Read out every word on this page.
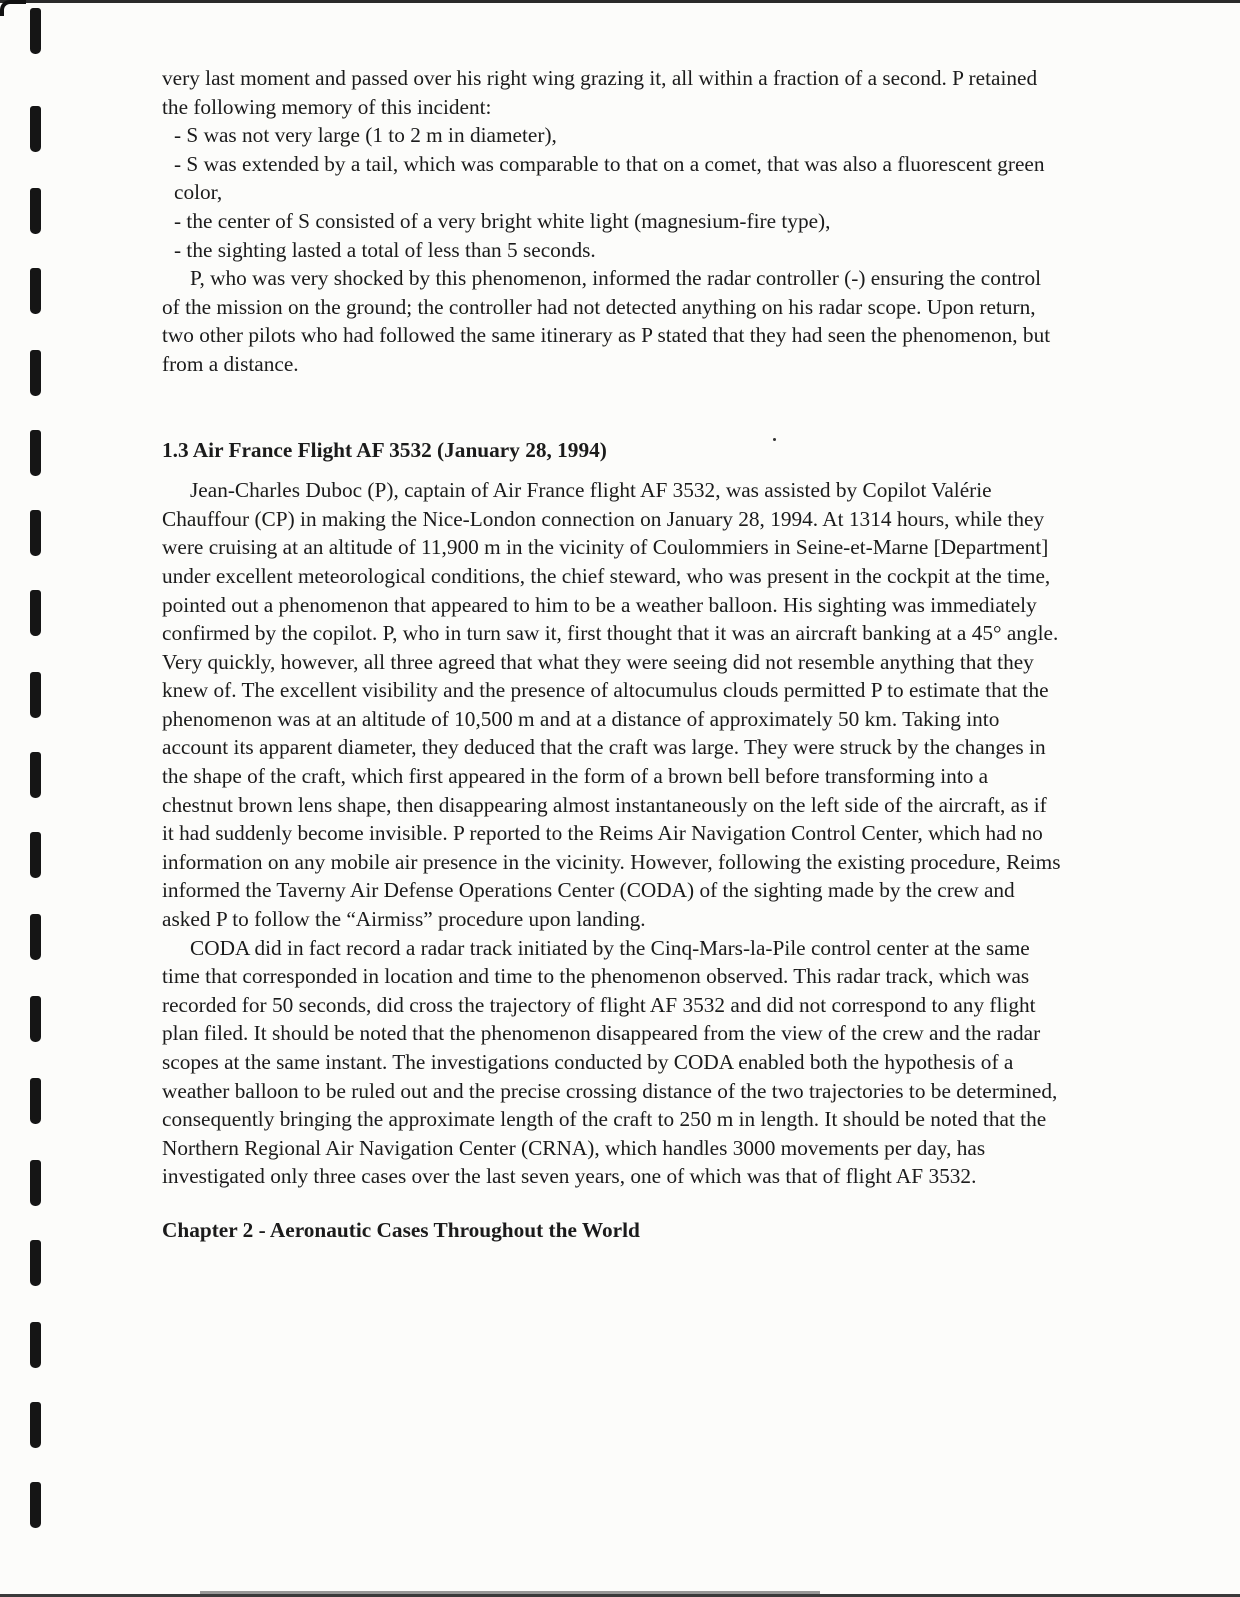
very last moment and passed over his right wing grazing it, all within a fraction of a second. P retained the following memory of this incident:

- S was not very large (1 to 2 m in diameter),

- S was extended by a tail, which was comparable to that on a comet, that was also a fluorescent green color,

- the center of S consisted of a very bright white light (magnesium-fire type),

- the sighting lasted a total of less than 5 seconds.

P, who was very shocked by this phenomenon, informed the radar controller (-) ensuring the control of the mission on the ground; the controller had not detected anything on his radar scope. Upon return, two other pilots who had followed the same itinerary as P stated that they had seen the phenomenon, but from a distance.

1.3 Air France Flight AF 3532 (January 28, 1994)

Jean-Charles Duboc (P), captain of Air France flight AF 3532, was assisted by Copilot Valérie Chauffour (CP) in making the Nice-London connection on January 28, 1994. At 1314 hours, while they were cruising at an altitude of 11,900 m in the vicinity of Coulommiers in Seine-et-Marne [Department] under excellent meteorological conditions, the chief steward, who was present in the cockpit at the time, pointed out a phenomenon that appeared to him to be a weather balloon. His sighting was immediately confirmed by the copilot. P, who in turn saw it, first thought that it was an aircraft banking at a 45° angle. Very quickly, however, all three agreed that what they were seeing did not resemble anything that they knew of. The excellent visibility and the presence of altocumulus clouds permitted P to estimate that the phenomenon was at an altitude of 10,500 m and at a distance of approximately 50 km. Taking into account its apparent diameter, they deduced that the craft was large. They were struck by the changes in the shape of the craft, which first appeared in the form of a brown bell before transforming into a chestnut brown lens shape, then disappearing almost instantaneously on the left side of the aircraft, as if it had suddenly become invisible. P reported to the Reims Air Navigation Control Center, which had no information on any mobile air presence in the vicinity. However, following the existing procedure, Reims informed the Taverny Air Defense Operations Center (CODA) of the sighting made by the crew and asked P to follow the “Airmiss” procedure upon landing.

CODA did in fact record a radar track initiated by the Cinq-Mars-la-Pile control center at the same time that corresponded in location and time to the phenomenon observed. This radar track, which was recorded for 50 seconds, did cross the trajectory of flight AF 3532 and did not correspond to any flight plan filed. It should be noted that the phenomenon disappeared from the view of the crew and the radar scopes at the same instant. The investigations conducted by CODA enabled both the hypothesis of a weather balloon to be ruled out and the precise crossing distance of the two trajectories to be determined, consequently bringing the approximate length of the craft to 250 m in length. It should be noted that the Northern Regional Air Navigation Center (CRNA), which handles 3000 movements per day, has investigated only three cases over the last seven years, one of which was that of flight AF 3532.

Chapter 2 - Aeronautic Cases Throughout the World
